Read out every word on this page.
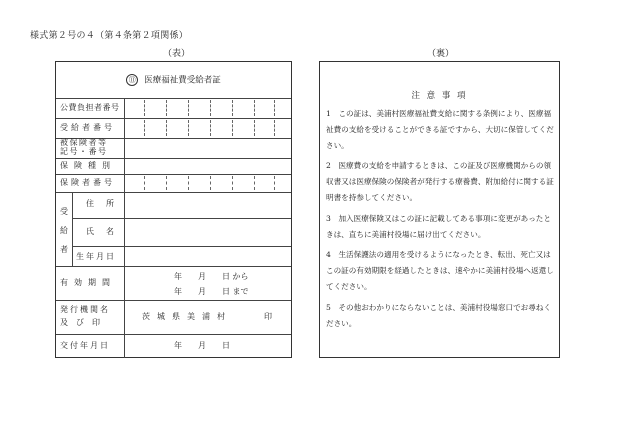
様式第２号の４（第４条第２項関係）
（表）	（裏）
⑪ 医療福祉費受給者証
公費負担者番号
受給者番号
被保険者等
記号・番号
保険種別
保険者番号
受給者
住　所
氏　名
生年月日
有効期間
年　　月　　日 から
年　　月　　日 まで
発行機関名
及　び　印
茨城県美浦村	印
交付年月日	年　　月　　日
注 意 事 項
1　 この証は、美浦村医療福祉費支給に関する条例により、医療福祉費の支給を受けることができる証ですから、大切に保管してください。
2　 医療費の支給を申請するときは、この証及び医療機関からの領収書又は医療保険の保険者が発行する療養費、附加給付に関する証明書を持参してください。
3　 加入医療保険又はこの証に記載してある事項に変更があったときは、直ちに美浦村役場に届け出てください。
4　 生活保護法の適用を受けるようになったとき、転出、死亡又はこの証の有効期限を経過したときは、速やかに美浦村役場へ返還してください。
5　 その他おわかりにならないことは、美浦村役場窓口でお尋ねください。
